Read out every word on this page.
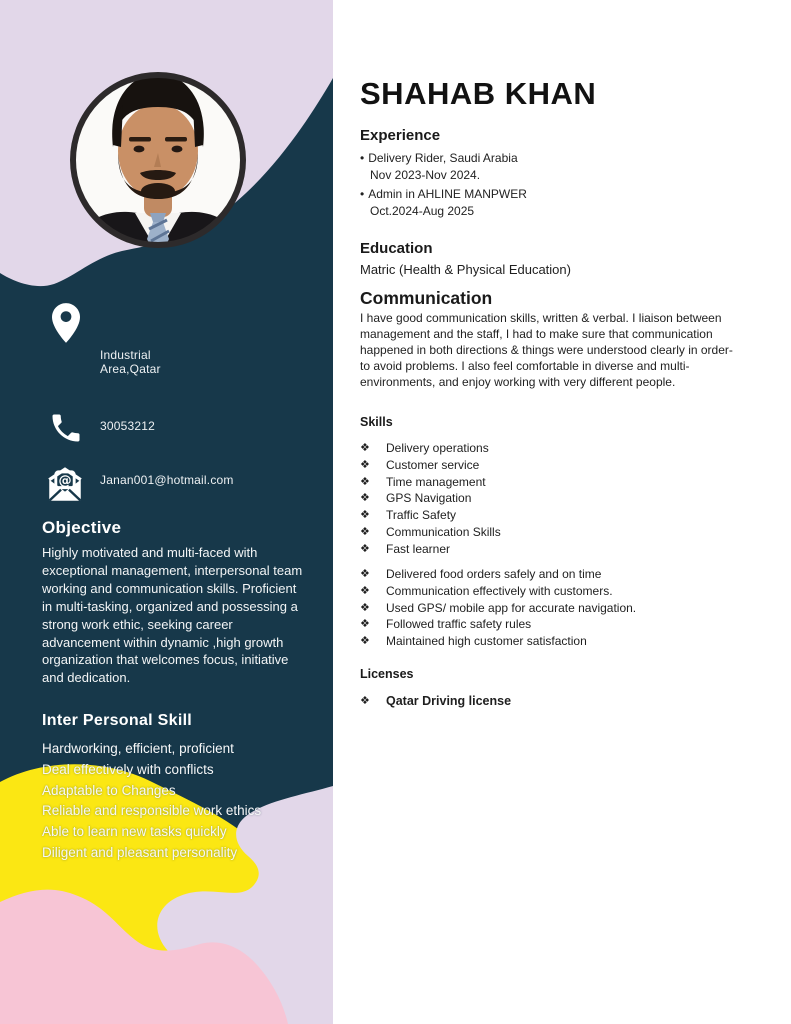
Industrial Area,Qatar
30053212
@ Janan001@hotmail.com
Objective

Highly motivated and multi-faced with exceptional management, interpersonal team working and communication skills. Proficient in multi-tasking, organized and possessing a strong work ethic, seeking career advancement within dynamic ,high growth organization that welcomes focus, initiative and dedication.

Inter Personal Skill
Hardworking, efficient, proficient
Deal effectively with conflicts
Adaptable to Changes
Reliable and responsible work ethics
Able to learn new tasks quickly
Diligent and pleasant personality
SHAHAB KHAN
Experience
• Delivery Rider, Saudi Arabia
Nov 2023-Nov 2024.
• Admin in AHLINE MANPWER
Oct.2024-Aug 2025
Education

Matric (Health & Physical Education)

Communication

I have good communication skills, written & verbal. I liaison between management and the staff, I had to make sure that communication happened in both directions & things were understood clearly in order- to avoid problems. I also feel comfortable in diverse and multi- environments, and enjoy working with very different people.

Skills
❖	Delivery operations
❖	Customer service
❖	Time management
❖	GPS Navigation
❖	Traffic Safety
❖	Communication Skills
❖	Fast learner
❖	Delivered food orders safely and on time
❖	Communication effectively with customers.
❖	Used GPS/ mobile app for accurate navigation.
❖	Followed traffic safety rules
❖	Maintained high customer satisfaction
Licenses
❖	Qatar Driving license
